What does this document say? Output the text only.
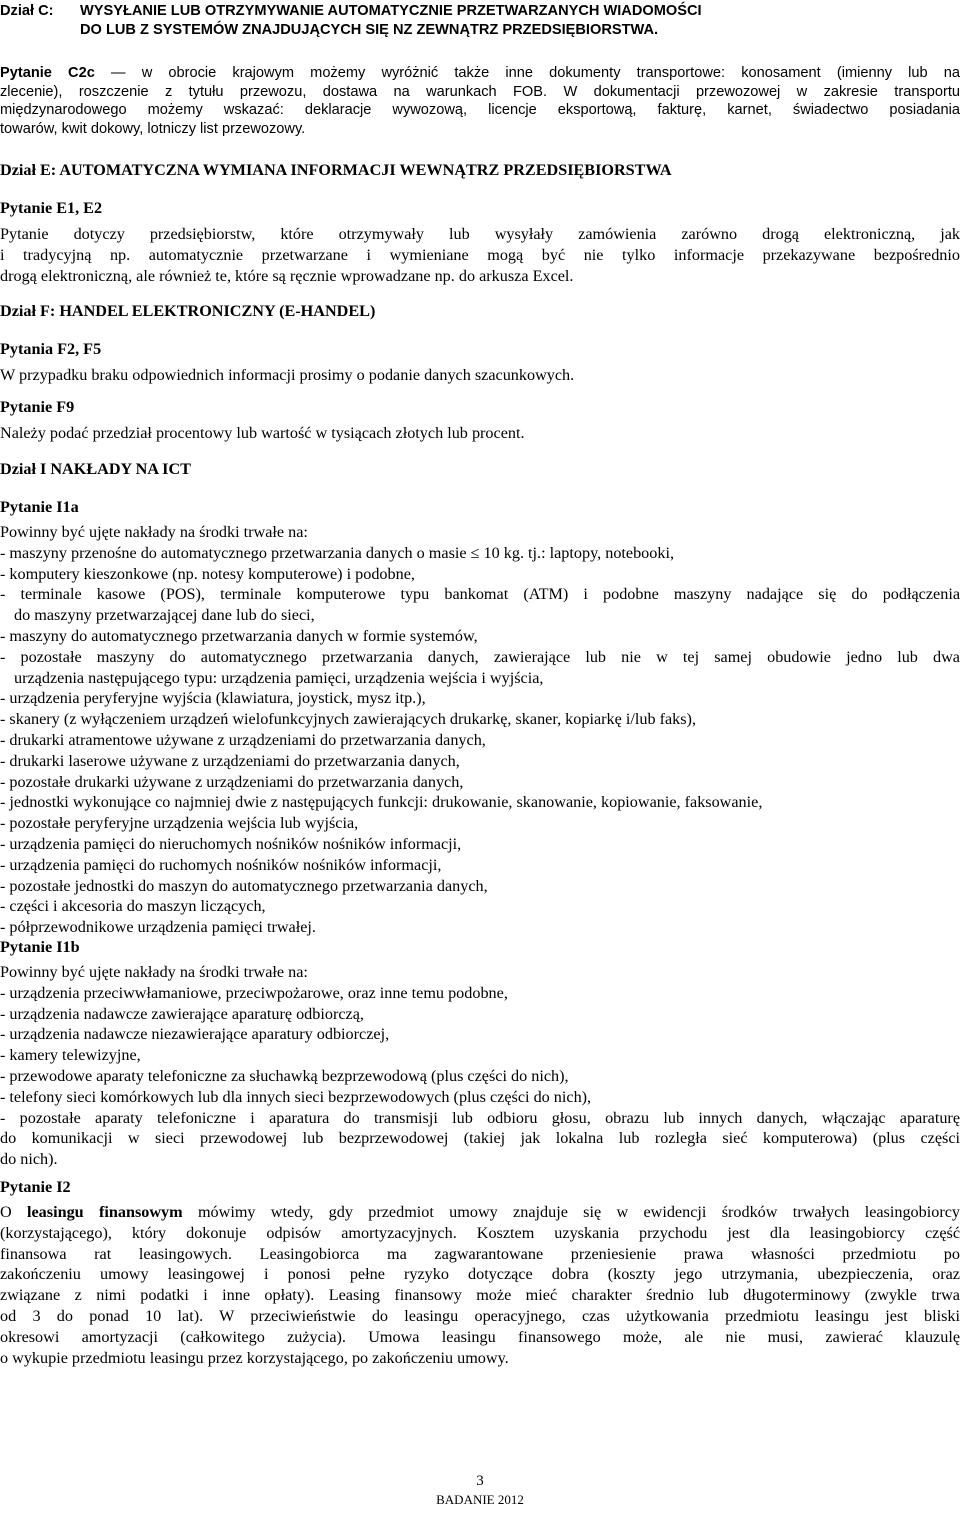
Dział C: WYSYŁANIE LUB OTRZYMYWANIE AUTOMATYCZNIE PRZETWARZANYCH WIADOMOŚCI
DO LUB Z SYSTEMÓW ZNAJDUJĄCYCH SIĘ NZ ZEWNĄTRZ PRZEDSIĘBIORSTWA.
Pytanie C2c — w obrocie krajowym możemy wyróżnić także inne dokumenty transportowe: konosament (imienny lub na
zlecenie), roszczenie z tytułu przewozu, dostawa na warunkach FOB. W dokumentacji przewozowej w zakresie transportu
międzynarodowego możemy wskazać: deklaracje wywozową, licencje eksportową, fakturę, karnet, świadectwo posiadania
towarów, kwit dokowy, lotniczy list przewozowy.
Dział E: AUTOMATYCZNA WYMIANA INFORMACJI WEWNĄTRZ PRZEDSIĘBIORSTWA
Pytanie E1, E2
Pytanie dotyczy przedsiębiorstw, które otrzymywały lub wysyłały zamówienia zarówno drogą elektroniczną, jak
i tradycyjną np. automatycznie przetwarzane i wymieniane mogą być nie tylko informacje przekazywane bezpośrednio
drogą elektroniczną, ale również te, które są ręcznie wprowadzane np. do arkusza Excel.
Dział F: HANDEL ELEKTRONICZNY (E-HANDEL)
Pytania F2, F5
W przypadku braku odpowiednich informacji prosimy o podanie danych szacunkowych.
Pytanie F9
Należy podać przedział procentowy lub wartość w tysiącach złotych lub procent.
Dział I NAKŁADY NA ICT
Pytanie I1a
Powinny być ujęte nakłady na środki trwałe na:
- maszyny przenośne do automatycznego przetwarzania danych o masie ≤ 10 kg. tj.: laptopy, notebooki,
- komputery kieszonkowe (np. notesy komputerowe) i podobne,
- terminale kasowe (POS), terminale komputerowe typu bankomat (ATM) i podobne maszyny nadające się do podłączenia
do maszyny przetwarzającej dane lub do sieci,
- maszyny do automatycznego przetwarzania danych w formie systemów,
- pozostałe maszyny do automatycznego przetwarzania danych, zawierające lub nie w tej samej obudowie jedno lub dwa
urządzenia następującego typu: urządzenia pamięci, urządzenia wejścia i wyjścia,
- urządzenia peryferyjne wyjścia (klawiatura, joystick, mysz itp.),
- skanery (z wyłączeniem urządzeń wielofunkcyjnych zawierających drukarkę, skaner, kopiarkę i/lub faks),
- drukarki atramentowe używane z urządzeniami do przetwarzania danych,
- drukarki laserowe używane z urządzeniami do przetwarzania danych,
- pozostałe drukarki używane z urządzeniami do przetwarzania danych,
- jednostki wykonujące co najmniej dwie z następujących funkcji: drukowanie, skanowanie, kopiowanie, faksowanie,
- pozostałe peryferyjne urządzenia wejścia lub wyjścia,
- urządzenia pamięci do nieruchomych nośników nośników informacji,
- urządzenia pamięci do ruchomych nośników nośników informacji,
- pozostałe jednostki do maszyn do automatycznego przetwarzania danych,
- części i akcesoria do maszyn liczących,
- półprzewodnikowe urządzenia pamięci trwałej.
Pytanie I1b
Powinny być ujęte nakłady na środki trwałe na:
- urządzenia przeciwwłamaniowe, przeciwpożarowe, oraz inne temu podobne,
- urządzenia nadawcze zawierające aparaturę odbiorczą,
- urządzenia nadawcze niezawierające aparatury odbiorczej,
- kamery telewizyjne,
- przewodowe aparaty telefoniczne za słuchawką bezprzewodową (plus części do nich),
- telefony sieci komórkowych lub dla innych sieci bezprzewodowych (plus części do nich),
- pozostałe aparaty telefoniczne i aparatura do transmisji lub odbioru głosu, obrazu lub innych danych, włączając aparaturę
do komunikacji w sieci przewodowej lub bezprzewodowej (takiej jak lokalna lub rozległa sieć komputerowa) (plus części
do nich).
Pytanie I2
O leasingu finansowym mówimy wtedy, gdy przedmiot umowy znajduje się w ewidencji środków trwałych leasingobiorcy
(korzystającego), który dokonuje odpisów amortyzacyjnych. Kosztem uzyskania przychodu jest dla leasingobiorcy część
finansowa rat leasingowych. Leasingobiorca ma zagwarantowane przeniesienie prawa własności przedmiotu po
zakończeniu umowy leasingowej i ponosi pełne ryzyko dotyczące dobra (koszty jego utrzymania, ubezpieczenia, oraz
związane z nimi podatki i inne opłaty). Leasing finansowy może mieć charakter średnio lub długoterminowy (zwykle trwa
od 3 do ponad 10 lat). W przeciwieństwie do leasingu operacyjnego, czas użytkowania przedmiotu leasingu jest bliski
okresowi amortyzacji (całkowitego zużycia). Umowa leasingu finansowego może, ale nie musi, zawierać klauzulę
o wykupie przedmiotu leasingu przez korzystającego, po zakończeniu umowy.
3
BADANIE 2012
